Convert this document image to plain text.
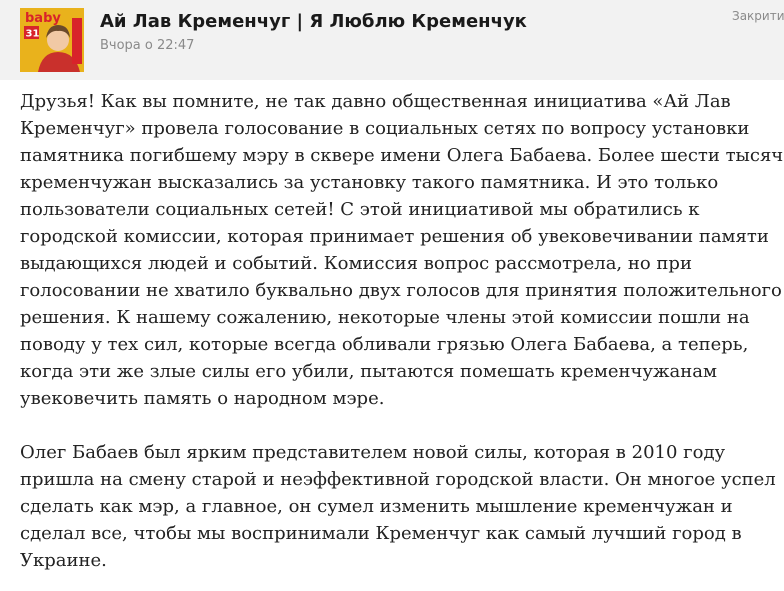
baby
31
Ай Лав Кременчуг | Я Люблю Кременчук
Вчора о 22:47
Закрити

Друзья! Как вы помните, не так давно общественная инициатива «Ай Лав Кременчуг» провела голосование в социальных сетях по вопросу установки памятника погибшему мэру в сквере имени Олега Бабаева. Более шести тысяч кременчужан высказались за установку такого памятника. И это только пользователи социальных сетей! С этой инициативой мы обратились к городской комиссии, которая принимает решения об увековечивании памяти выдающихся людей и событий. Комиссия вопрос рассмотрела, но при голосовании не хватило буквально двух голосов для принятия положительного решения. К нашему сожалению, некоторые члены этой комиссии пошли на поводу у тех сил, которые всегда обливали грязью Олега Бабаева, а теперь, когда эти же злые силы его убили, пытаются помешать кременчужанам увековечить память о народном мэре.

Олег Бабаев был ярким представителем новой силы, которая в 2010 году пришла на смену старой и неэффективной городской власти. Он многое успел сделать как мэр, а главное, он сумел изменить мышление кременчужан и сделал все, чтобы мы воспринимали Кременчуг как самый лучший город в Украине.
